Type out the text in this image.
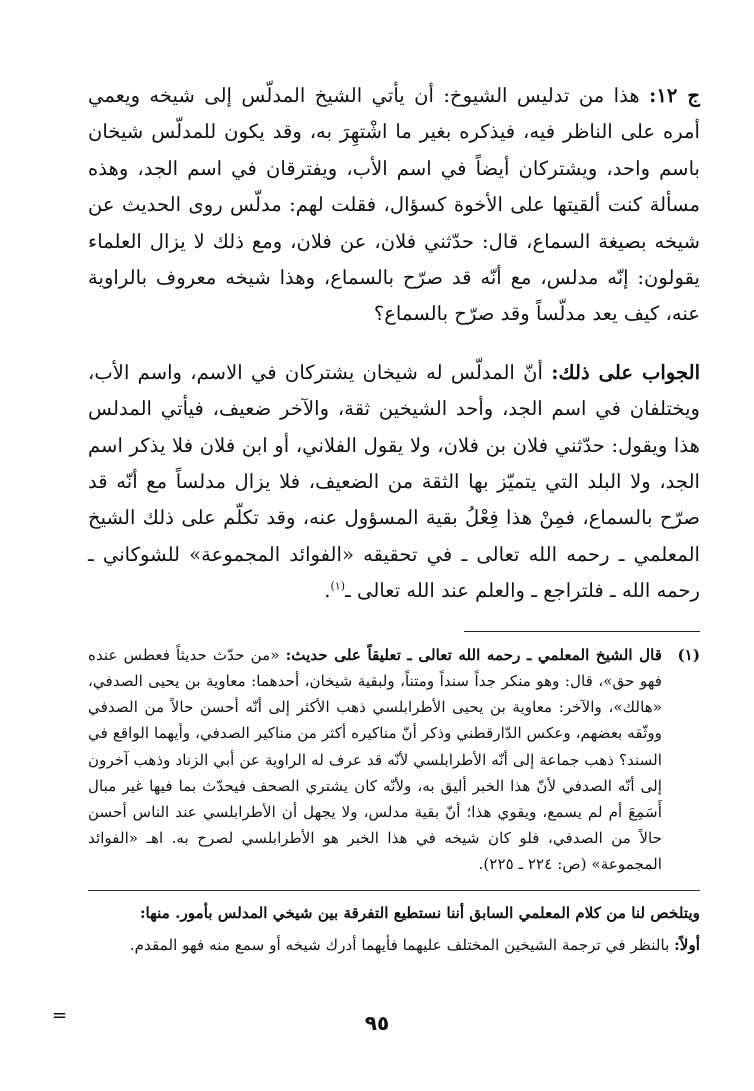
ج ١٢: هذا من تدليس الشيوخ: أن يأتي الشيخ المدلّس إلى شيخه ويعمي أمره على الناظر فيه، فيذكره بغير ما اشْتهِرَ به، وقد يكون للمدلّس شيخان باسم واحد، ويشتركان أيضاً في اسم الأب، ويفترقان في اسم الجد، وهذه مسألة كنت ألقيتها على الأخوة كسؤال، فقلت لهم: مدلّس روى الحديث عن شيخه بصيغة السماع، قال: حدّثني فلان، عن فلان، ومع ذلك لا يزال العلماء يقولون: إنّه مدلس، مع أنّه قد صرّح بالسماع، وهذا شيخه معروف بالراوية عنه، كيف يعد مدلّساً وقد صرّح بالسماع؟

الجواب على ذلك: أنّ المدلّس له شيخان يشتركان في الاسم، واسم الأب، ويختلفان في اسم الجد، وأحد الشيخين ثقة، والآخر ضعيف، فيأتي المدلس هذا ويقول: حدّثني فلان بن فلان، ولا يقول الفلاني، أو ابن فلان فلا يذكر اسم الجد، ولا البلد التي يتميّز بها الثقة من الضعيف، فلا يزال مدلساً مع أنّه قد صرّح بالسماع، فمِنْ هذا فِعْلُ بقية المسؤول عنه، وقد تكلّم على ذلك الشيخ المعلمي ـ رحمه الله تعالى ـ في تحقيقه «الفوائد المجموعة» للشوكاني ـ رحمه الله ـ فلتراجع ـ والعلم عند الله تعالى ـ$^{(١)}$.

(١)
قال الشيخ المعلمي ـ رحمه الله تعالى ـ تعليقاً على حديث: «من حدّث حديثاً فعطس عنده فهو حق»، قال: وهو منكر جداً سنداً ومتناً، ولبقية شيخان، أحدهما: معاوية بن يحيى الصدفي، «هالك»، والآخر: معاوية بن يحيى الأطرابلسي ذهب الأكثر إلى أنّه أحسن حالاً من الصدفي ووثّقه بعضهم، وعكس الدّارقطني وذكر أنّ مناكيره أكثر من مناكير الصدفي، وأيهما الواقع في السند؟ ذهب جماعة إلى أنّه الأطرابلسي لأنّه قد عرف له الراوية عن أبي الزناد وذهب آخرون إلى أنّه الصدفي لأنّ هذا الخبر أليق به، ولأنّه كان يشتري الصحف فيحدّث بما فيها غير مبال أَسَمِعَ أم لم يسمع، ويقوي هذا؛ أنّ بقية مدلس، ولا يجهل أن الأطرابلسي عند الناس أحسن حالاً من الصدفي، فلو كان شيخه في هذا الخبر هو الأطرابلسي لصرح به. اهـ «الفوائد المجموعة» (ص: ٢٢٤ ـ ٢٢٥).

ويتلخص لنا من كلام المعلمي السابق أننا نستطيع التفرقة بين شيخي المدلس بأمور. منها:

أولاً: بالنظر في ترجمة الشيخين المختلف عليهما فأيهما أدرك شيخه أو سمع منه فهو المقدم.

=	٩٥
